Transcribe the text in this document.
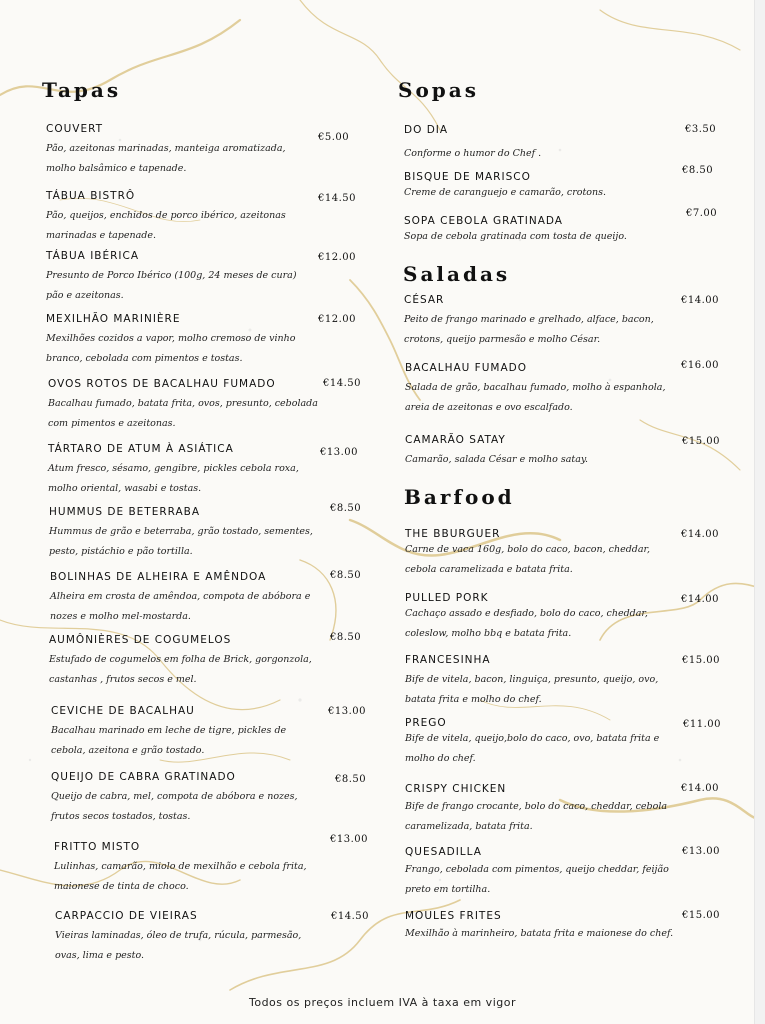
Tapas
COUVERT
Pão, azeitonas marinadas, manteiga aromatizada, molho balsâmico e tapenade.
€5.00
TÁBUA BISTRÔ
Pão, queijos, enchidos de porco ibérico, azeitonas marinadas e tapenade.
€14.50
TÁBUA IBÉRICA
Presunto de Porco Ibérico (100g, 24 meses de cura) pão e azeitonas.
€12.00
MEXILHÃO MARINIÈRE
Mexilhões cozidos a vapor, molho cremoso de vinho branco, cebolada com pimentos e tostas.
€12.00
OVOS ROTOS DE BACALHAU FUMADO
Bacalhau fumado, batata frita, ovos, presunto, cebolada com pimentos e azeitonas.
€14.50
TÁRTARO DE ATUM À ASIÁTICA
Atum fresco, sésamo, gengibre, pickles cebola roxa, molho oriental, wasabi e tostas.
€13.00
HUMMUS DE BETERRABA
Hummus de grão e beterraba, grão tostado, sementes, pesto, pistáchio e pão tortilla.
€8.50
BOLINHAS DE ALHEIRA E AMÊNDOA
Alheira em crosta de amêndoa, compota de abóbora e nozes e molho mel-mostarda.
€8.50
AUMÔNIÈRES DE COGUMELOS
Estufado de cogumelos em folha de Brick, gorgonzola, castanhas , frutos secos e mel.
€8.50
CEVICHE DE BACALHAU
Bacalhau marinado em leche de tigre, pickles de cebola, azeitona e grão tostado.
€13.00
QUEIJO DE CABRA GRATINADO
Queijo de cabra, mel, compota de abóbora e nozes, frutos secos tostados, tostas.
€8.50
FRITTO MISTO
Lulinhas, camarão, miolo de mexilhão e cebola frita, maionese de tinta de choco.
€13.00
CARPACCIO DE VIEIRAS
Vieiras laminadas, óleo de trufa, rúcula, parmesão, ovas, lima e pesto.
€14.50
Sopas
DO DIA
Conforme o humor do Chef .
€3.50
BISQUE DE MARISCO
Creme de caranguejo e camarão, crotons.
€8.50
SOPA CEBOLA GRATINADA
Sopa de cebola gratinada com tosta de queijo.
€7.00
Saladas
CÉSAR
Peito de frango marinado e grelhado, alface, bacon, crotons, queijo parmesão e molho César.
€14.00
BACALHAU FUMADO
Salada de grão, bacalhau fumado, molho à espanhola, areia de azeitonas e ovo escalfado.
€16.00
CAMARÃO SATAY
Camarão, salada César e molho satay.
€15.00
Barfood
THE BBURGUER
Carne de vaca 160g, bolo do caco, bacon, cheddar, cebola caramelizada e batata frita.
€14.00
PULLED PORK
Cachaço assado e desfiado, bolo do caco, cheddar, coleslow, molho bbq e batata frita.
€14.00
FRANCESINHA
Bife de vitela, bacon, linguiça, presunto, queijo, ovo, batata frita e molho do chef.
€15.00
PREGO
Bife de vitela, queijo,bolo do caco, ovo, batata frita e molho do chef.
€11.00
CRISPY CHICKEN
Bife de frango crocante, bolo do caco, cheddar, cebola caramelizada, batata frita.
€14.00
QUESADILLA
Frango, cebolada com pimentos, queijo cheddar, feijão preto em tortilha.
€13.00
MOULES FRITES
Mexilhão à marinheiro, batata frita e maionese do chef.
€15.00
Todos os preços incluem IVA à taxa em vigor
